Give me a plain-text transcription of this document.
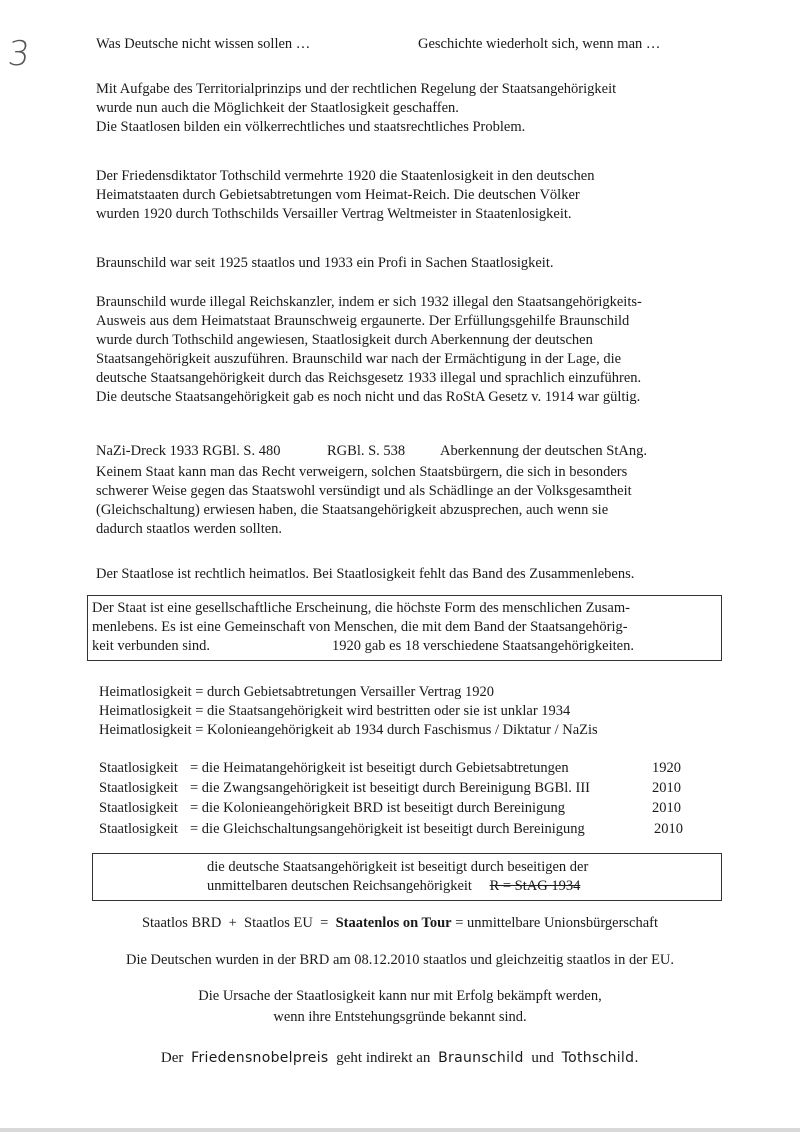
3	Was Deutsche nicht wissen sollen …	Geschichte wiederholt sich, wenn man …
Mit Aufgabe des Territorialprinzips und der rechtlichen Regelung der Staatsangehörigkeit
wurde nun auch die Möglichkeit der Staatlosigkeit geschaffen.
Die Staatlosen bilden ein völkerrechtliches und staatsrechtliches Problem.
Der Friedensdiktator Tothschild vermehrte 1920 die Staatenlosigkeit in den deutschen
Heimatstaaten durch Gebietsabtretungen vom Heimat-Reich. Die deutschen Völker
wurden 1920 durch Tothschilds Versailler Vertrag Weltmeister in Staatenlosigkeit.
Braunschild war seit 1925 staatlos und 1933 ein Profi in Sachen Staatlosigkeit.
Braunschild wurde illegal Reichskanzler, indem er sich 1932 illegal den Staatsangehörigkeits-
Ausweis aus dem Heimatstaat Braunschweig ergaunerte. Der Erfüllungsgehilfe Braunschild
wurde durch Tothschild angewiesen, Staatlosigkeit durch Aberkennung der deutschen
Staatsangehörigkeit auszuführen. Braunschild war nach der Ermächtigung in der Lage, die
deutsche Staatsangehörigkeit durch das Reichsgesetz 1933 illegal und sprachlich einzuführen.
Die deutsche Staatsangehörigkeit gab es noch nicht und das RoStA Gesetz v. 1914 war gültig.
NaZi-Dreck 1933 RGBl. S. 480	RGBl. S. 538 Aberkennung der deutschen StAng.
Keinem Staat kann man das Recht verweigern, solchen Staatsbürgern, die sich in besonders
schwerer Weise gegen das Staatswohl versündigt und als Schädlinge an der Volksgesamtheit
(Gleichschaltung) erwiesen haben, die Staatsangehörigkeit abzusprechen, auch wenn sie
dadurch staatlos werden sollten.
Der Staatlose ist rechtlich heimatlos. Bei Staatlosigkeit fehlt das Band des Zusammenlebens.
Der Staat ist eine gesellschaftliche Erscheinung, die höchste Form des menschlichen Zusam-
menlebens. Es ist eine Gemeinschaft von Menschen, die mit dem Band der Staatsangehörig-
keit verbunden sind.	1920 gab es 18 verschiedene Staatsangehörigkeiten.
Heimatlosigkeit = durch Gebietsabtretungen Versailler Vertrag 1920
Heimatlosigkeit = die Staatsangehörigkeit wird bestritten oder sie ist unklar 1934
Heimatlosigkeit = Kolonieangehörigkeit ab 1934 durch Faschismus / Diktatur / NaZis
Staatlosigkeit = die Heimatangehörigkeit ist beseitigt durch Gebietsabtretungen	1920
Staatlosigkeit = die Zwangsangehörigkeit ist beseitigt durch Bereinigung BGBl. III	2010
Staatlosigkeit = die Kolonieangehörigkeit BRD ist beseitigt durch Bereinigung	2010
Staatlosigkeit = die Gleichschaltungsangehörigkeit ist beseitigt durch Bereinigung	2010
die deutsche Staatsangehörigkeit ist beseitigt durch beseitigen der
unmittelbaren deutschen Reichsangehörigkeit R = StAG 1934
Staatlos BRD + Staatlos EU = Staatenlos on Tour = unmittelbare Unionsbürgerschaft
Die Deutschen wurden in der BRD am 08.12.2010 staatlos und gleichzeitig staatlos in der EU.
Die Ursache der Staatlosigkeit kann nur mit Erfolg bekämpft werden,
wenn ihre Entstehungsgründe bekannt sind.
Der Friedensnobelpreis geht indirekt an Braunschild und Tothschild.
